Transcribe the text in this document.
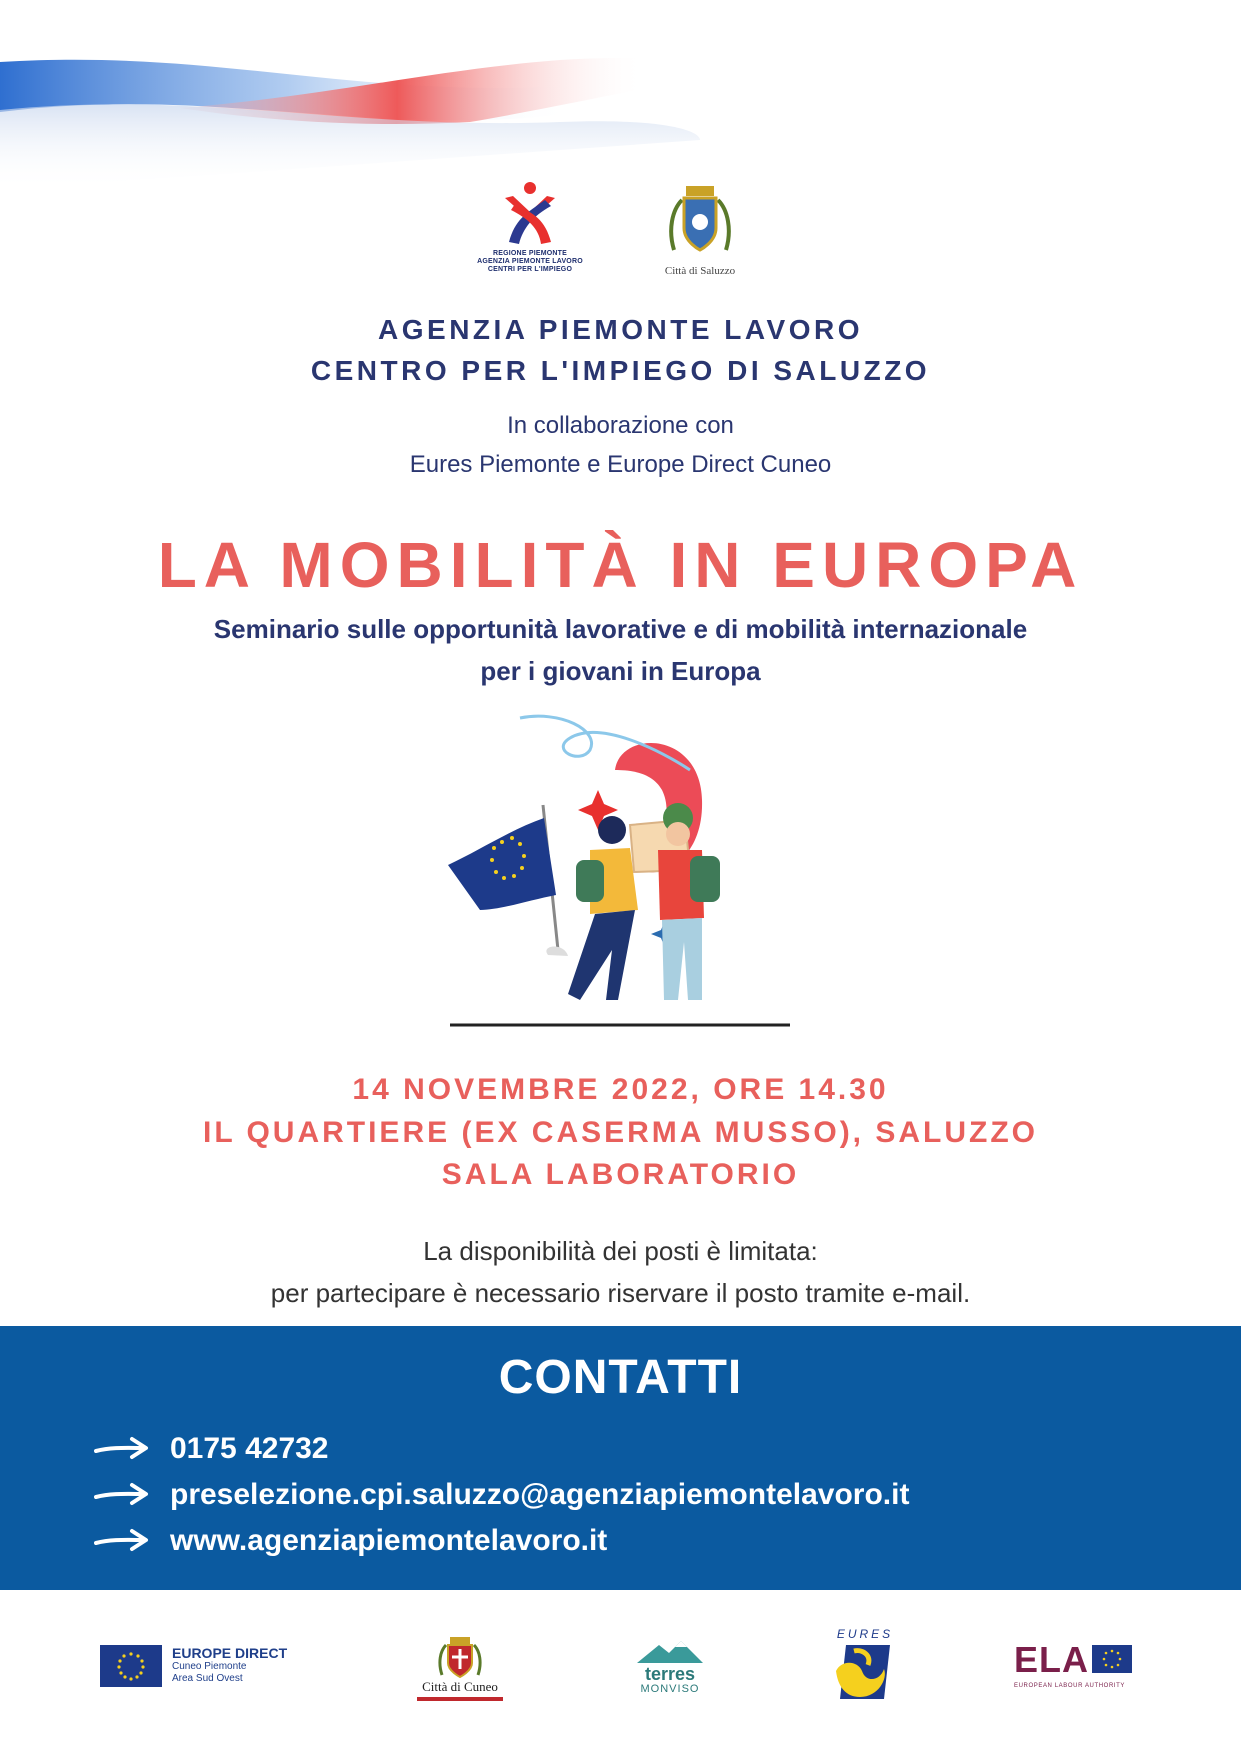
REGIONE PIEMONTE
AGENZIA PIEMONTE LAVORO
CENTRI PER L'IMPIEGO	Città di Saluzzo
AGENZIA PIEMONTE LAVORO
CENTRO PER L'IMPIEGO DI SALUZZO
In collaborazione con
Eures Piemonte e Europe Direct Cuneo
LA MOBILITÀ IN EUROPA
Seminario sulle opportunità lavorative e di mobilità internazionale
per i giovani in Europa
14 NOVEMBRE 2022, ORE 14.30
IL QUARTIERE (EX CASERMA MUSSO), SALUZZO
SALA LABORATORIO
La disponibilità dei posti è limitata:
per partecipare è necessario riservare il posto tramite e-mail.
CONTATTI
0175 42732
preselezione.cpi.saluzzo@agenziapiemontelavoro.it
www.agenziapiemontelavoro.it
EUROPE DIRECT
Cuneo Piemonte
Area Sud Ovest
Città di Cuneo
terres
MONVISO
EURES
ELA
EUROPEAN LABOUR AUTHORITY
